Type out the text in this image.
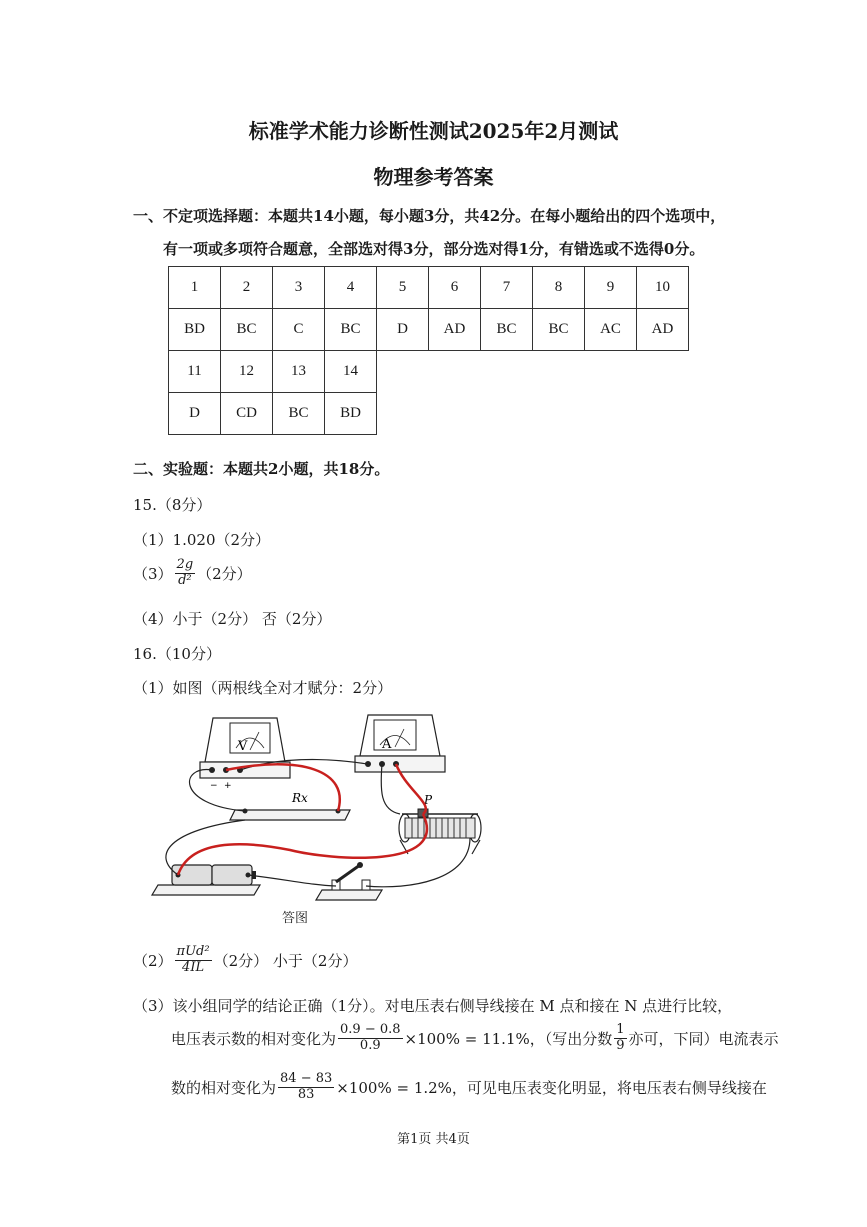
标准学术能力诊断性测试2025年2月测试
物理参考答案
一、不定项选择题：本题共14小题，每小题3分，共42分。在每小题给出的四个选项中，
有一项或多项符合题意，全部选对得3分，部分选对得1分，有错选或不选得0分。
1	2	3	4	5	6	7	8	9	10
BD	BC	C	BC	D	AD	BC	BC	AC	AD
11	12	13	14						
D	CD	BC	BD						
二、实验题：本题共2小题，共18分。
15.（8分）
（1）1.020（2分）
$(3) \frac{2g}{\text{d²}} (2$分）
（4）小于（2分） 否（2分）
16.（10分）
（1）如图（两根线全对才赋分：2分）
− +
V	A
Rx	P
答图
$(2) \frac{\text{πUd²}}{4IL} (2$分） 小于（2分）
（3）该小组同学的结论正确（1分）。对电压表右侧导线接在 M 点和接在 N 点进行比较，
电压表示数的相对变化为 $\frac{0.9 - 0.8}{0.9} \times 100\% = 11.1\%$，（写出分数 $\frac{1}{9}$ 亦可，下同）电流表示
数的相对变化为 $\frac{84 - 83}{83} \times 100\% = 1.2\%$，可见电压表变化明显，将电压表右侧导线接在
第1页 共4页
